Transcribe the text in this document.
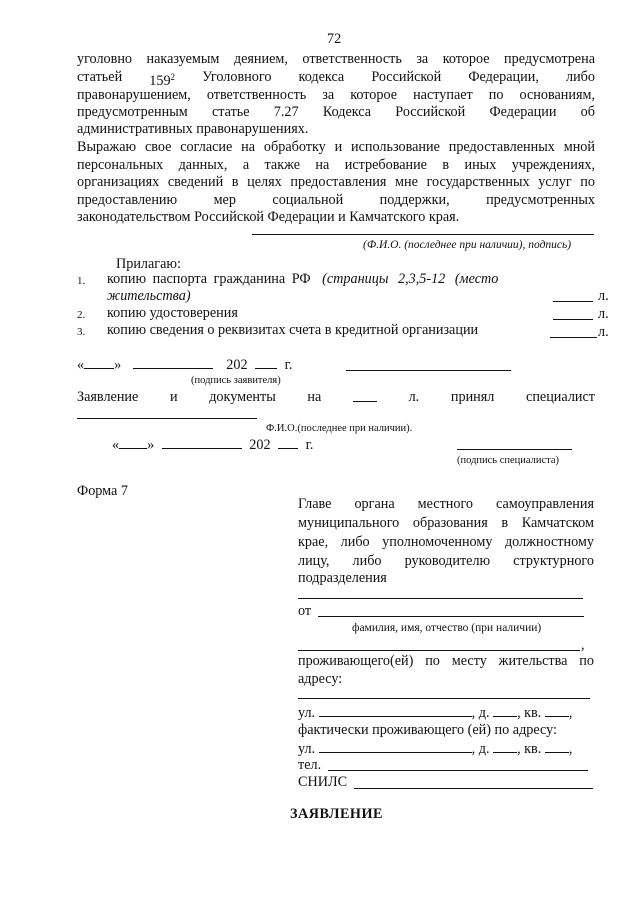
72
уголовно наказуемым деянием, ответственность за которое предусмотрена
статьей $159^2$ Уголовного кодекса Российской Федерации, либо
правонарушением, ответственность за которое наступает по основаниям,
предусмотренным статье 7.27 Кодекса Российской Федерации об
административных правонарушениях.
Выражаю свое согласие на обработку и использование предоставленных мной
персональных данных, а также на истребование в иных учреждениях,
организациях сведений в целях предоставления мне государственных услуг по
предоставлению	мер	социальной	поддержки,	предусмотренных
законодательством Российской Федерации и Камчатского края.
(Ф.И.О. (последнее при наличии), подпись)
Прилагаю:
1. копию паспорта гражданина РФ (страницы 2,3,5-12 (место
жительства)	л.
2. копию удостоверения	л.
3. копию сведения о реквизитах счета в кредитной организации	л.
« »	202	г.
(подпись заявителя)
Заявление и документы на	л. принял специалист
Ф.И.О.(последнее при наличии).
« »	202 г.
(подпись специалиста)
Форма 7
Главе органа местного самоуправления
муниципального образования в Камчатском
крае, либо уполномоченному должностному
лицу, либо руководителю структурного
подразделения
от
фамилия, имя, отчество (при наличии)
,
проживающего(ей) по месту жительства по
адресу:
ул.	, д. , кв. ,
фактически проживающего (ей) по адресу:
ул.	, д. , кв. ,
тел.
СНИЛС
ЗАЯВЛЕНИЕ
